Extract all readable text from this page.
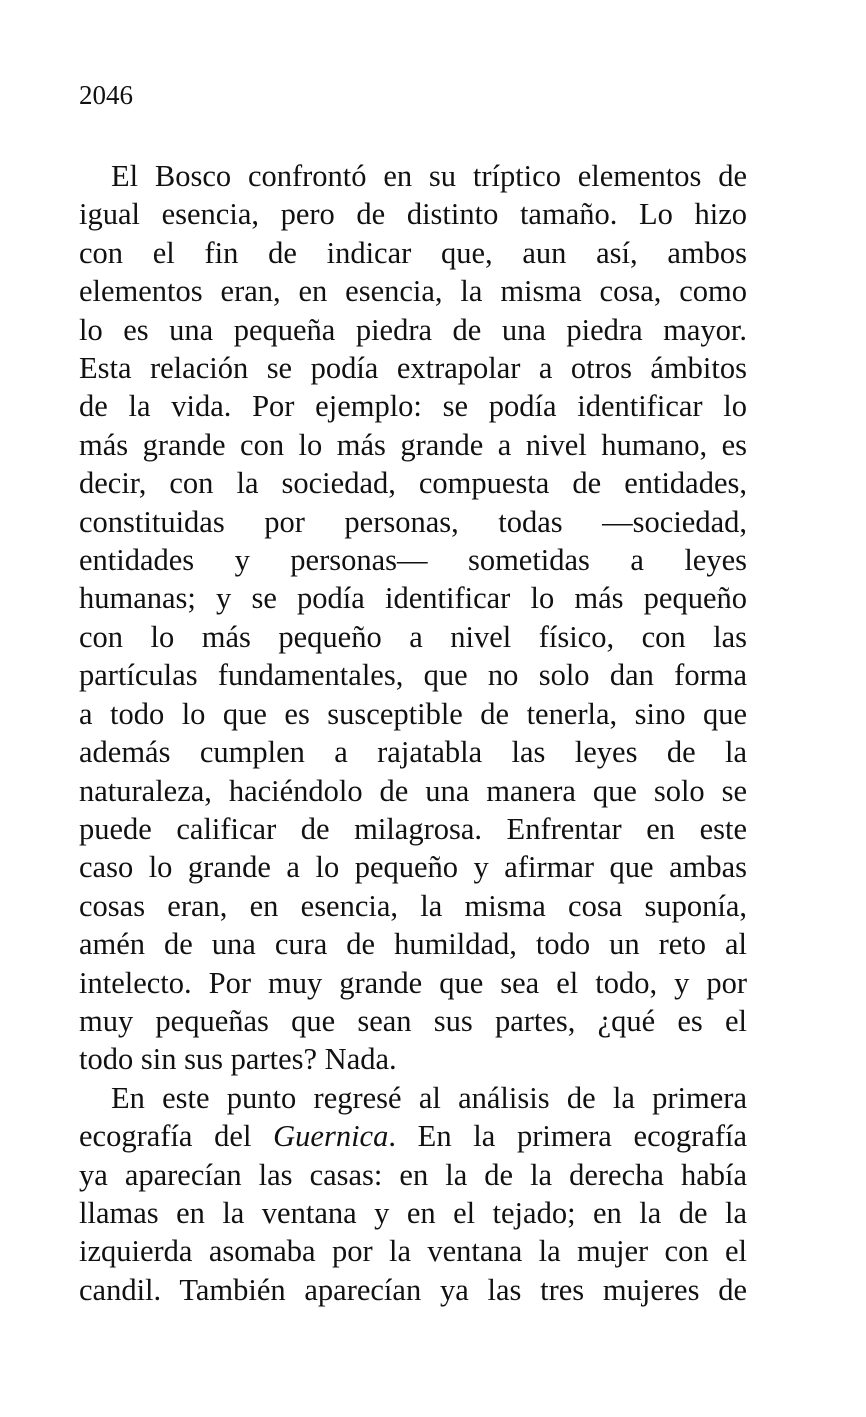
2046

El Bosco confrontó en su tríptico elementos de
igual esencia, pero de distinto tamaño. Lo hizo
con el fin de indicar que, aun así, ambos
elementos eran, en esencia, la misma cosa, como
lo es una pequeña piedra de una piedra mayor.
Esta relación se podía extrapolar a otros ámbitos
de la vida. Por ejemplo: se podía identificar lo
más grande con lo más grande a nivel humano, es
decir, con la sociedad, compuesta de entidades,
constituidas por personas, todas —sociedad,
entidades y personas— sometidas a leyes
humanas; y se podía identificar lo más pequeño
con lo más pequeño a nivel físico, con las
partículas fundamentales, que no solo dan forma
a todo lo que es susceptible de tenerla, sino que
además cumplen a rajatabla las leyes de la
naturaleza, haciéndolo de una manera que solo se
puede calificar de milagrosa. Enfrentar en este
caso lo grande a lo pequeño y afirmar que ambas
cosas eran, en esencia, la misma cosa suponía,
amén de una cura de humildad, todo un reto al
intelecto. Por muy grande que sea el todo, y por
muy pequeñas que sean sus partes, ¿qué es el
todo sin sus partes? Nada.
En este punto regresé al análisis de la primera
ecografía del Guernica. En la primera ecografía
ya aparecían las casas: en la de la derecha había
llamas en la ventana y en el tejado; en la de la
izquierda asomaba por la ventana la mujer con el
candil. También aparecían ya las tres mujeres de
